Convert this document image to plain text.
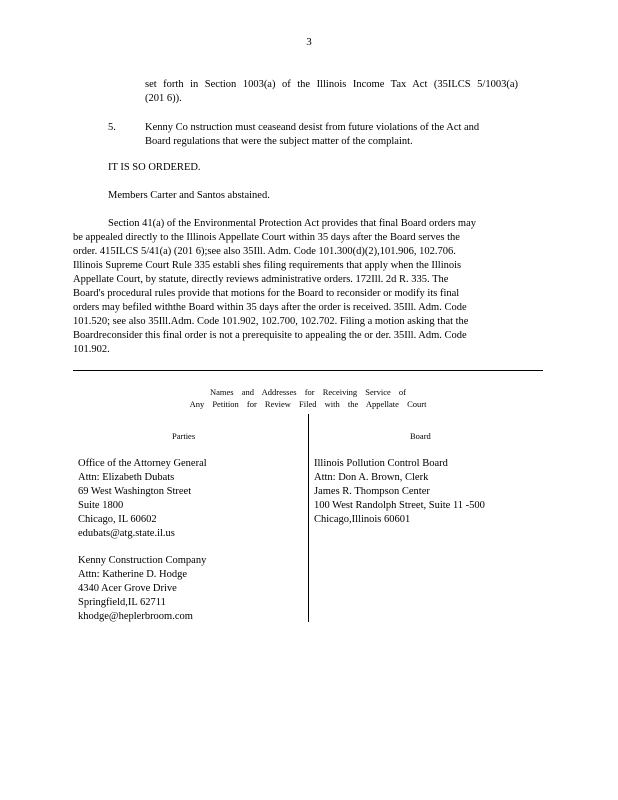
3
set forth in Section 1003(a) of the Illinois Income Tax Act (35ILCS 5/1003(a)
(201 6)).
5.	Kenny Co nstruction must ceaseand desist from future violations of the Act and
Board regulations that were the subject matter of the complaint.
IT IS SO ORDERED.
Members Carter and Santos abstained.
Section 41(a) of the Environmental Protection Act provides that final Board orders may
be appealed directly to the Illinois Appellate Court within 35 days after the Board serves the
order. 415ILCS 5/41(a) (201 6);see also 35Ill. Adm. Code 101.300(d)(2),101.906, 102.706.
Illinois Supreme Court Rule 335 establi shes filing requirements that apply when the Illinois
Appellate Court, by statute, directly reviews administrative orders. 172Ill. 2d R. 335. The
Board's procedural rules provide that motions for the Board to reconsider or modify its final
orders may befiled withthe Board within 35 days after the order is received. 35Ill. Adm. Code
101.520; see also 35Ill.Adm. Code 101.902, 102.700, 102.702. Filing a motion asking that the
Boardreconsider this final order is not a prerequisite to appealing the or der. 35Ill. Adm. Code
101.902.
Names and Addresses for Receiving Service of
Any Petition for Review Filed with the Appellate Court
Parties	Board
Office of the Attorney General
Attn: Elizabeth Dubats
69 West Washington Street
Suite 1800
Chicago, IL 60602
edubats@atg.state.il.us
Kenny Construction Company
Attn: Katherine D. Hodge
4340 Acer Grove Drive
Springfield,IL 62711
khodge@heplerbroom.com
Illinois Pollution Control Board
Attn: Don A. Brown, Clerk
James R. Thompson Center
100 West Randolph Street, Suite 11 -500
Chicago,Illinois 60601
